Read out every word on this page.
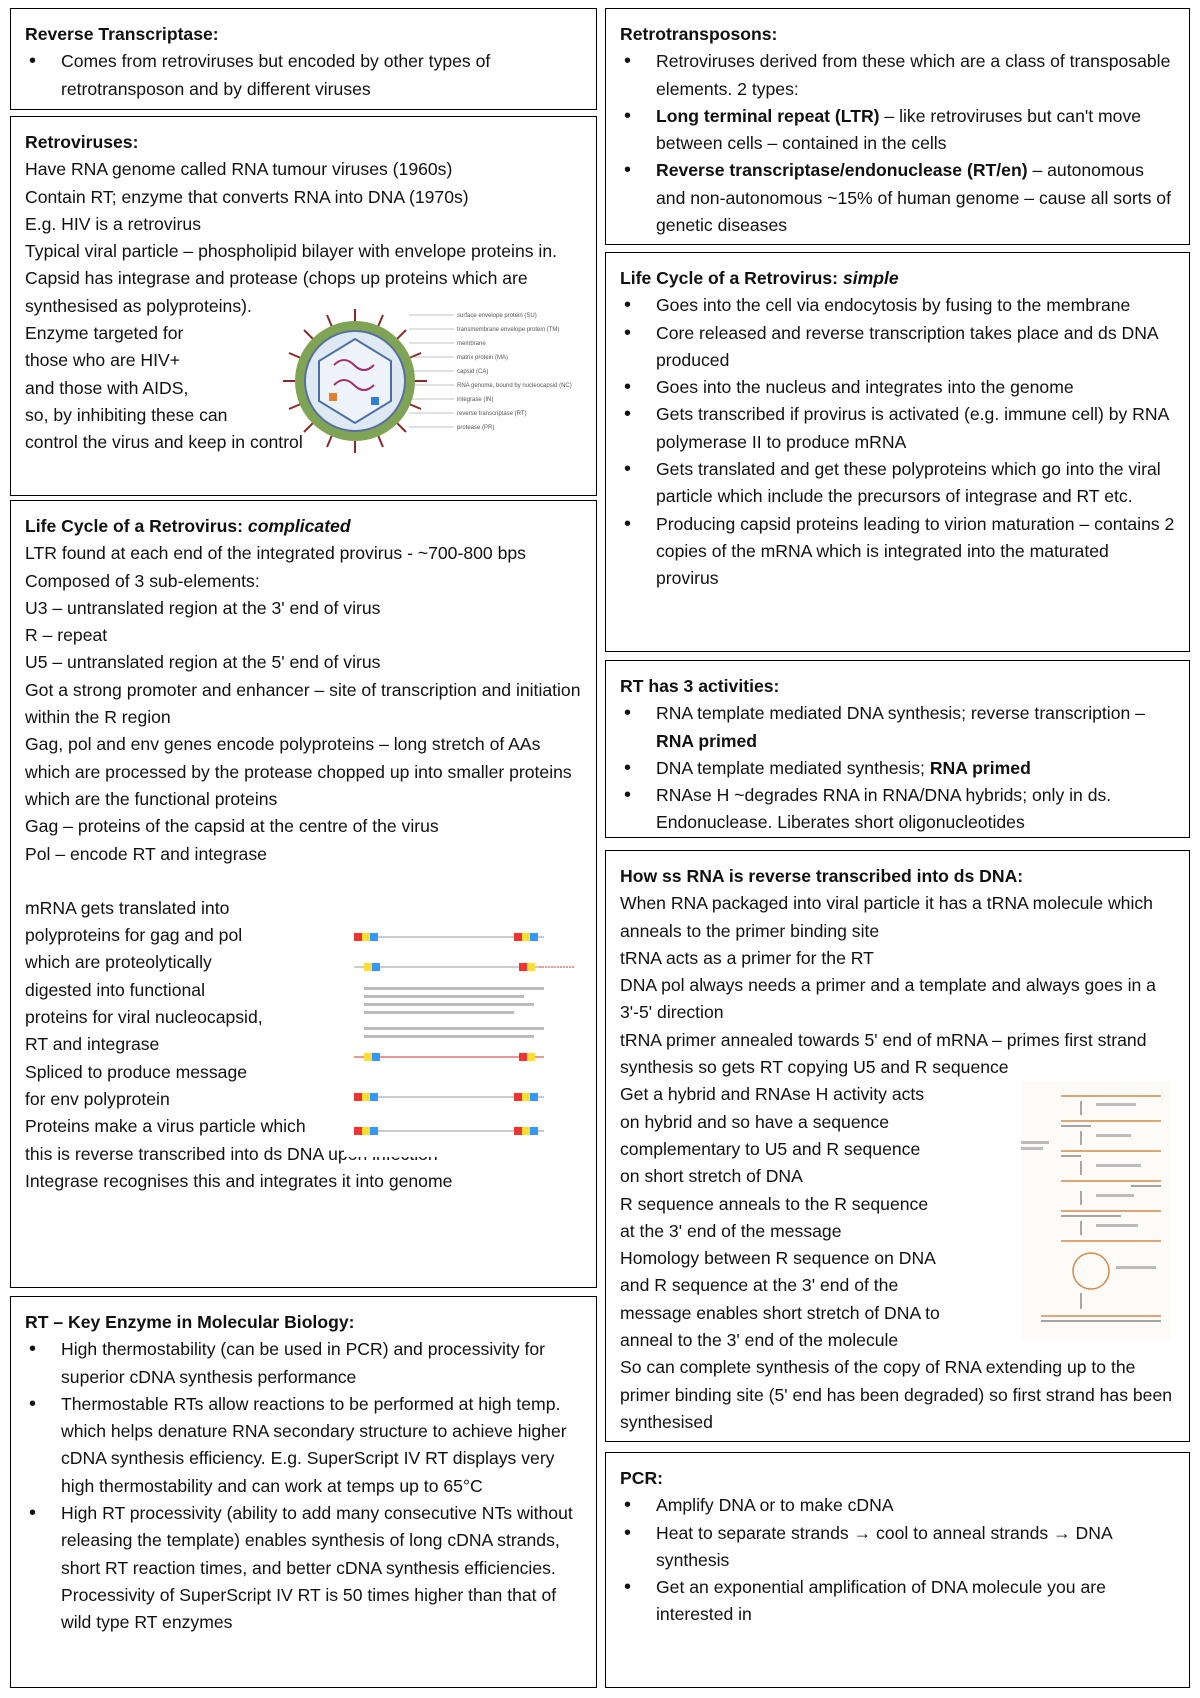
Reverse Transcriptase:
• Comes from retroviruses but encoded by other types of retrotransposon and by different viruses
Retrotransposons:
• Retroviruses derived from these which are a class of transposable elements. 2 types:
• Long terminal repeat (LTR) – like retroviruses but can't move between cells – contained in the cells
• Reverse transcriptase/endonuclease (RT/en) – autonomous and non-autonomous ~15% of human genome – cause all sorts of genetic diseases
Retroviruses:

Have RNA genome called RNA tumour viruses (1960s)

Contain RT; enzyme that converts RNA into DNA (1970s)

E.g. HIV is a retrovirus

Typical viral particle – phospholipid bilayer with envelope proteins in. Capsid has integrase and protease (chops up proteins which are synthesised as polyproteins).

Enzyme targeted for

those who are HIV+

and those with AIDS,

so, by inhibiting these can

control the virus and keep in control

surface envelope protein (SU)
transmembrane envelope protein (TM)
membrane
matrix protein (MA)
capsid (CA)
RNA genome, bound by nucleocapsid (NC)
integrase (IN)
reverse transcriptase (RT)
protease (PR)
Life Cycle of a Retrovirus: simple
• Goes into the cell via endocytosis by fusing to the membrane
• Core released and reverse transcription takes place and ds DNA produced
• Goes into the nucleus and integrates into the genome
• Gets transcribed if provirus is activated (e.g. immune cell) by RNA polymerase II to produce mRNA
• Gets translated and get these polyproteins which go into the viral particle which include the precursors of integrase and RT etc.
• Producing capsid proteins leading to virion maturation – contains 2 copies of the mRNA which is integrated into the maturated provirus
Life Cycle of a Retrovirus: complicated

LTR found at each end of the integrated provirus - ~700-800 bps

Composed of 3 sub-elements:

U3 – untranslated region at the 3' end of virus

R – repeat

U5 – untranslated region at the 5' end of virus

Got a strong promoter and enhancer – site of transcription and initiation within the R region

Gag, pol and env genes encode polyproteins – long stretch of AAs which are processed by the protease chopped up into smaller proteins which are the functional proteins

Gag – proteins of the capsid at the centre of the virus

Pol – encode RT and integrase

mRNA gets translated into

polyproteins for gag and pol

which are proteolytically

digested into functional

proteins for viral nucleocapsid,

RT and integrase

Spliced to produce message

for env polyprotein

Proteins make a virus particle which

this is reverse transcribed into ds DNA upon infection

Integrase recognises this and integrates it into genome

RT has 3 activities:
• RNA template mediated DNA synthesis; reverse transcription – RNA primed
• DNA template mediated synthesis; RNA primed
• RNAse H ~degrades RNA in RNA/DNA hybrids; only in ds. Endonuclease. Liberates short oligonucleotides
How ss RNA is reverse transcribed into ds DNA:

When RNA packaged into viral particle it has a tRNA molecule which anneals to the primer binding site

tRNA acts as a primer for the RT

DNA pol always needs a primer and a template and always goes in a 3'-5' direction

tRNA primer annealed towards 5' end of mRNA – primes first strand synthesis so gets RT copying U5 and R sequence

Get a hybrid and RNAse H activity acts

on hybrid and so have a sequence

complementary to U5 and R sequence

on short stretch of DNA

R sequence anneals to the R sequence

at the 3' end of the message

Homology between R sequence on DNA

and R sequence at the 3' end of the

message enables short stretch of DNA to

anneal to the 3' end of the molecule

So can complete synthesis of the copy of RNA extending up to the primer binding site (5' end has been degraded) so first strand has been synthesised

RT – Key Enzyme in Molecular Biology:
• High thermostability (can be used in PCR) and processivity for superior cDNA synthesis performance
• Thermostable RTs allow reactions to be performed at high temp. which helps denature RNA secondary structure to achieve higher cDNA synthesis efficiency. E.g. SuperScript IV RT displays very high thermostability and can work at temps up to 65°C
• High RT processivity (ability to add many consecutive NTs without releasing the template) enables synthesis of long cDNA strands, short RT reaction times, and better cDNA synthesis efficiencies. Processivity of SuperScript IV RT is 50 times higher than that of wild type RT enzymes
PCR:
• Amplify DNA or to make cDNA
• Heat to separate strands → cool to anneal strands → DNA synthesis
• Get an exponential amplification of DNA molecule you are interested in
